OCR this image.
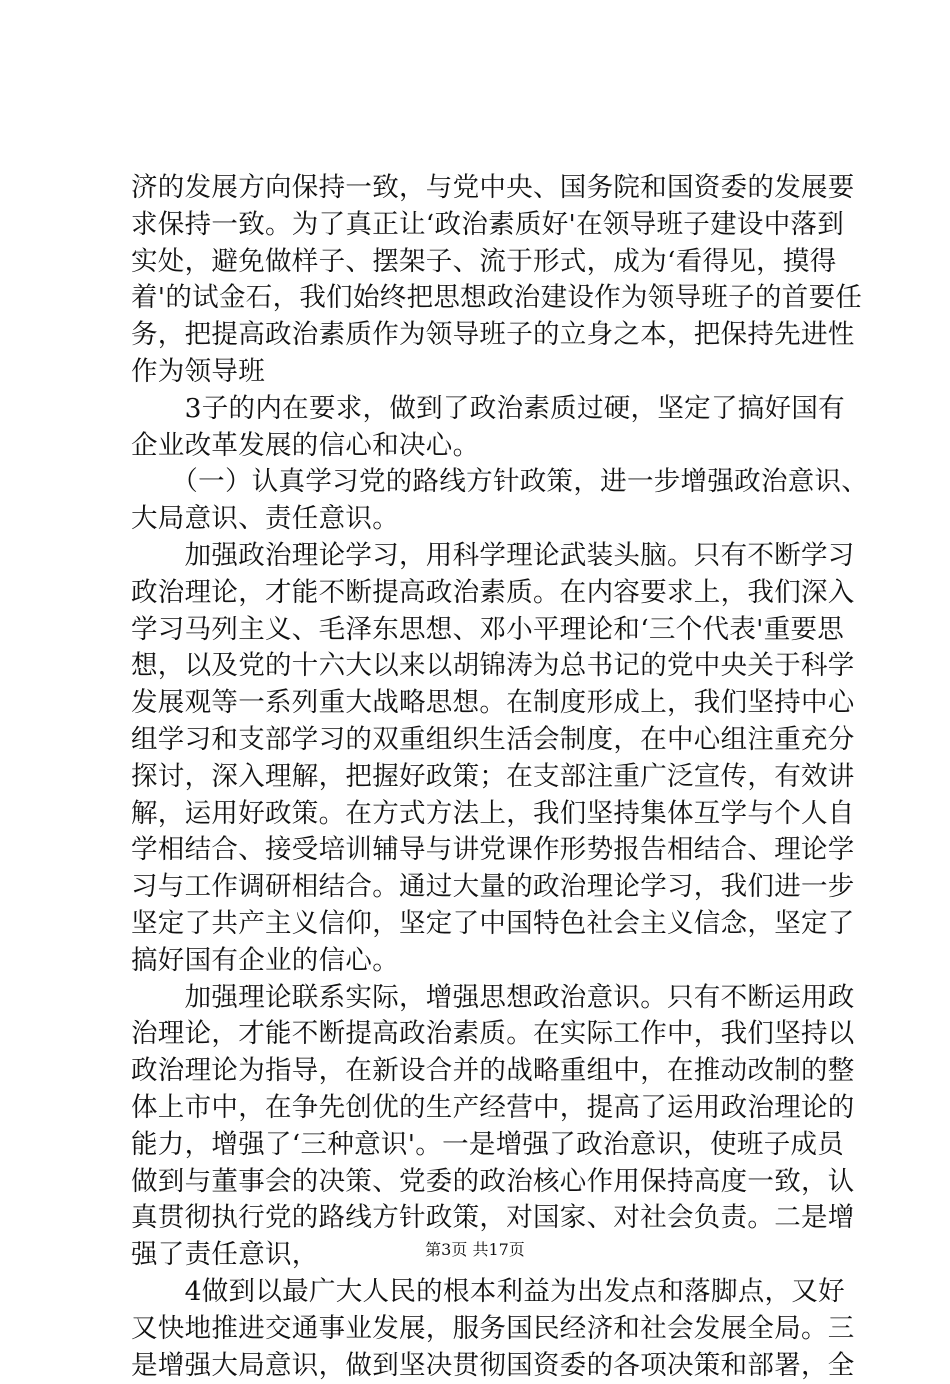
济的发展方向保持一致，与党中央、国务院和国资委的发展要
求保持一致。为了真正让‘政治素质好'在领导班子建设中落到
实处，避免做样子、摆架子、流于形式，成为‘看得见，摸得
着'的试金石，我们始终把思想政治建设作为领导班子的首要任
务，把提高政治素质作为领导班子的立身之本，把保持先进性
作为领导班
　　3子的内在要求，做到了政治素质过硬，坚定了搞好国有
企业改革发展的信心和决心。
　　（一）认真学习党的路线方针政策，进一步增强政治意识、
大局意识、责任意识。
　　加强政治理论学习，用科学理论武装头脑。只有不断学习
政治理论，才能不断提高政治素质。在内容要求上，我们深入
学习马列主义、毛泽东思想、邓小平理论和‘三个代表'重要思
想，以及党的十六大以来以胡锦涛为总书记的党中央关于科学
发展观等一系列重大战略思想。在制度形成上，我们坚持中心
组学习和支部学习的双重组织生活会制度，在中心组注重充分
探讨，深入理解，把握好政策；在支部注重广泛宣传，有效讲
解，运用好政策。在方式方法上，我们坚持集体互学与个人自
学相结合、接受培训辅导与讲党课作形势报告相结合、理论学
习与工作调研相结合。通过大量的政治理论学习，我们进一步
坚定了共产主义信仰，坚定了中国特色社会主义信念，坚定了
搞好国有企业的信心。
　　加强理论联系实际，增强思想政治意识。只有不断运用政
治理论，才能不断提高政治素质。在实际工作中，我们坚持以
政治理论为指导，在新设合并的战略重组中，在推动改制的整
体上市中，在争先创优的生产经营中，提高了运用政治理论的
能力，增强了‘三种意识'。一是增强了政治意识，使班子成员
做到与董事会的决策、党委的政治核心作用保持高度一致，认
真贯彻执行党的路线方针政策，对国家、对社会负责。二是增
强了责任意识，
　　4做到以最广大人民的根本利益为出发点和落脚点，又好
又快地推进交通事业发展，服务国民经济和社会发展全局。三
是增强大局意识，做到坚决贯彻国资委的各项决策和部署，全
第3页 共17页
